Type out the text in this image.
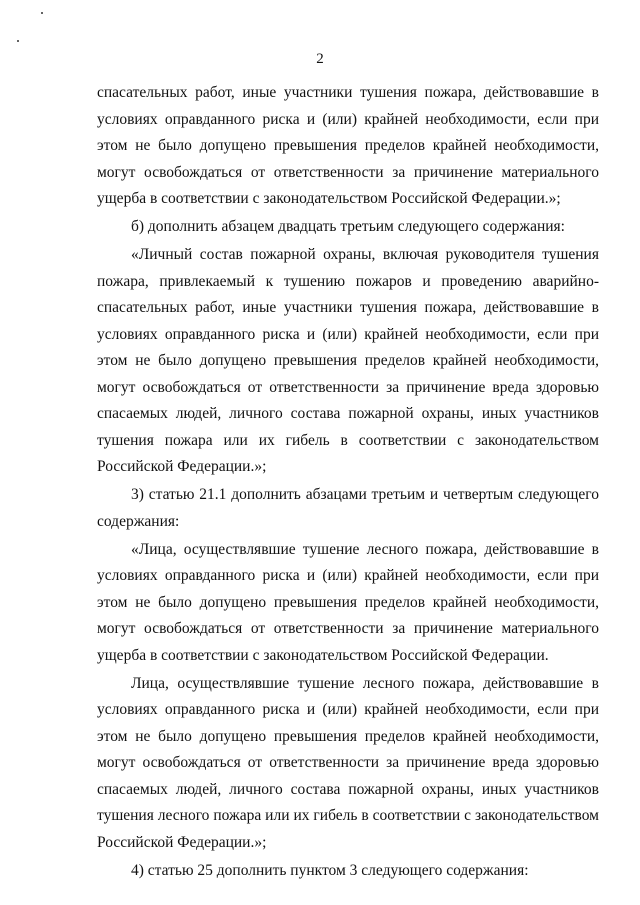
2

спасательных работ, иные участники тушения пожара, действовавшие в условиях оправданного риска и (или) крайней необходимости, если при этом не было допущено превышения пределов крайней необходимости, могут освобождаться от ответственности за причинение материального ущерба в соответствии с законодательством Российской Федерации.»;

б) дополнить абзацем двадцать третьим следующего содержания:

«Личный состав пожарной охраны, включая руководителя тушения пожара, привлекаемый к тушению пожаров и проведению аварийно-спасательных работ, иные участники тушения пожара, действовавшие в условиях оправданного риска и (или) крайней необходимости, если при этом не было допущено превышения пределов крайней необходимости, могут освобождаться от ответственности за причинение вреда здоровью спасаемых людей, личного состава пожарной охраны, иных участников тушения пожара или их гибель в соответствии с законодательством Российской Федерации.»;

3) статью 21.1 дополнить абзацами третьим и четвертым следующего содержания:

«Лица, осуществлявшие тушение лесного пожара, действовавшие в условиях оправданного риска и (или) крайней необходимости, если при этом не было допущено превышения пределов крайней необходимости, могут освобождаться от ответственности за причинение материального ущерба в соответствии с законодательством Российской Федерации.

Лица, осуществлявшие тушение лесного пожара, действовавшие в условиях оправданного риска и (или) крайней необходимости, если при этом не было допущено превышения пределов крайней необходимости, могут освобождаться от ответственности за причинение вреда здоровью спасаемых людей, личного состава пожарной охраны, иных участников тушения лесного пожара или их гибель в соответствии с законодательством Российской Федерации.»;

4) статью 25 дополнить пунктом 3 следующего содержания:
